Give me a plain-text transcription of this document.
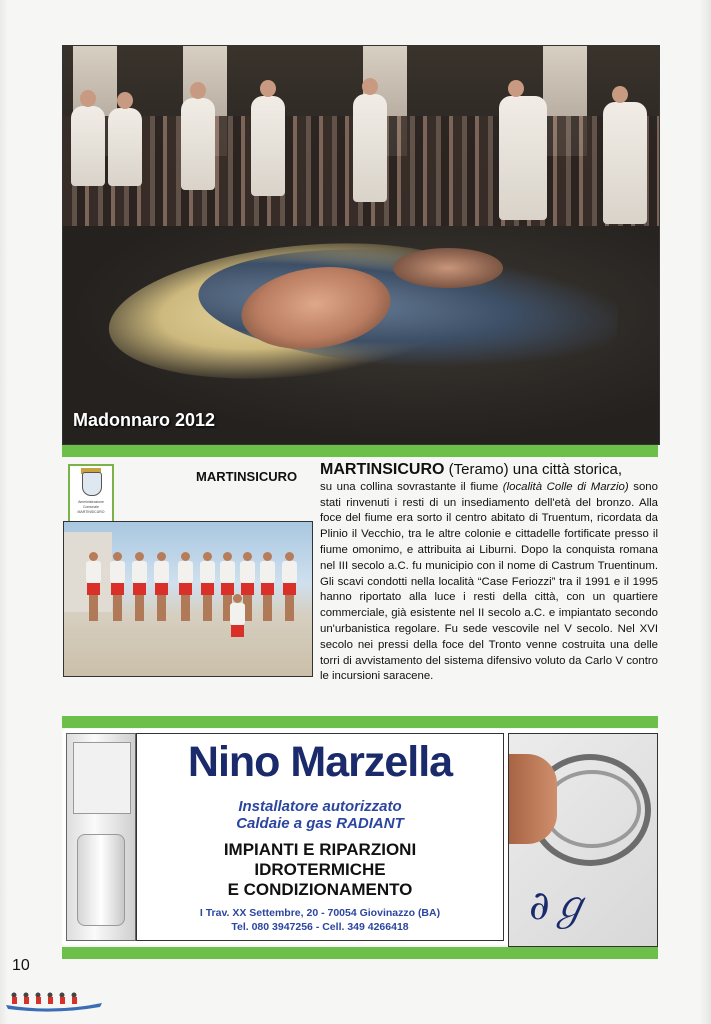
Madonnaro 2012
Amministrazione Comunale MARTINSICURO
MARTINSICURO MARTINSICURO (Teramo) una città storica,
su una collina sovrastante il fiume (località Colle di Marzio) sono stati rinvenuti i resti di un insediamento dell'età del bronzo. Alla foce del fiume era sorto il centro abitato di Truentum, ricordata da Plinio il Vecchio, tra le altre colonie e cittadelle fortificate presso il fiume omonimo, e attribuita ai Liburni. Dopo la conquista romana nel III secolo a.C. fu municipio con il nome di Castrum Truentinum. Gli scavi condotti nella località “Case Feriozzi” tra il 1991 e il 1995 hanno riportato alla luce i resti della città, con un quartiere commerciale, già esistente nel II secolo a.C. e impiantato secondo un'urbanistica regolare. Fu sede vescovile nel V secolo. Nel XVI secolo nei pressi della foce del Tronto venne costruita una delle torri di avvistamento del sistema difensivo voluto da Carlo V contro le incursioni saracene.
Nino Marzella
Installatore autorizzato
Caldaie a gas RADIANT
IMPIANTI E RIPARZIONI
IDROTERMICHE
E CONDIZIONAMENTO
I Trav. XX Settembre, 20 - 70054 Giovinazzo (BA)
Tel. 080 3947256 - Cell. 349 4266418	∂ℊ
10
